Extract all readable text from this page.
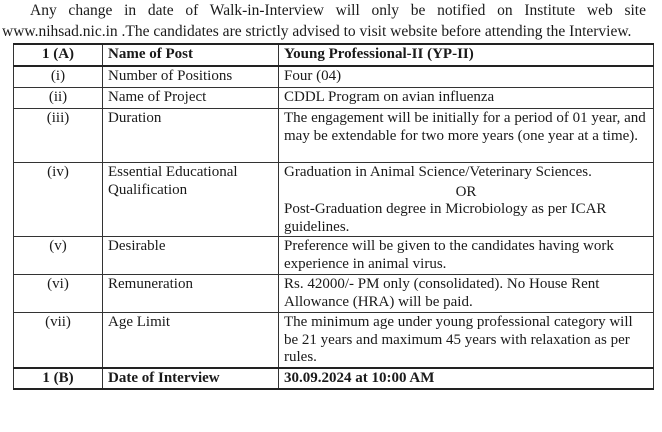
Any change in date of Walk-in-Interview will only be notified on Institute web site
www.nihsad.nic.in .The candidates are strictly advised to visit website before attending the Interview.
1 (A)	Name of Post	Young Professional-II (YP-II)
(i)	Number of Positions	Four (04)
(ii)	Name of Project	CDDL Program on avian influenza
(iii)	Duration	The engagement will be initially for a period of 01 year, and may be extendable for two more years (one year at a time).
(iv)	Essential Educational Qualification	Graduation in Animal Science/Veterinary Sciences.
OR
Post-Graduation degree in Microbiology as per ICAR guidelines.
(v)	Desirable	Preference will be given to the candidates having work experience in animal virus.
(vi)	Remuneration	Rs. 42000/- PM only (consolidated). No House Rent Allowance (HRA) will be paid.
(vii)	Age Limit	The minimum age under young professional category will be 21 years and maximum 45 years with relaxation as per rules.
1 (B)	Date of Interview	30.09.2024 at 10:00 AM
